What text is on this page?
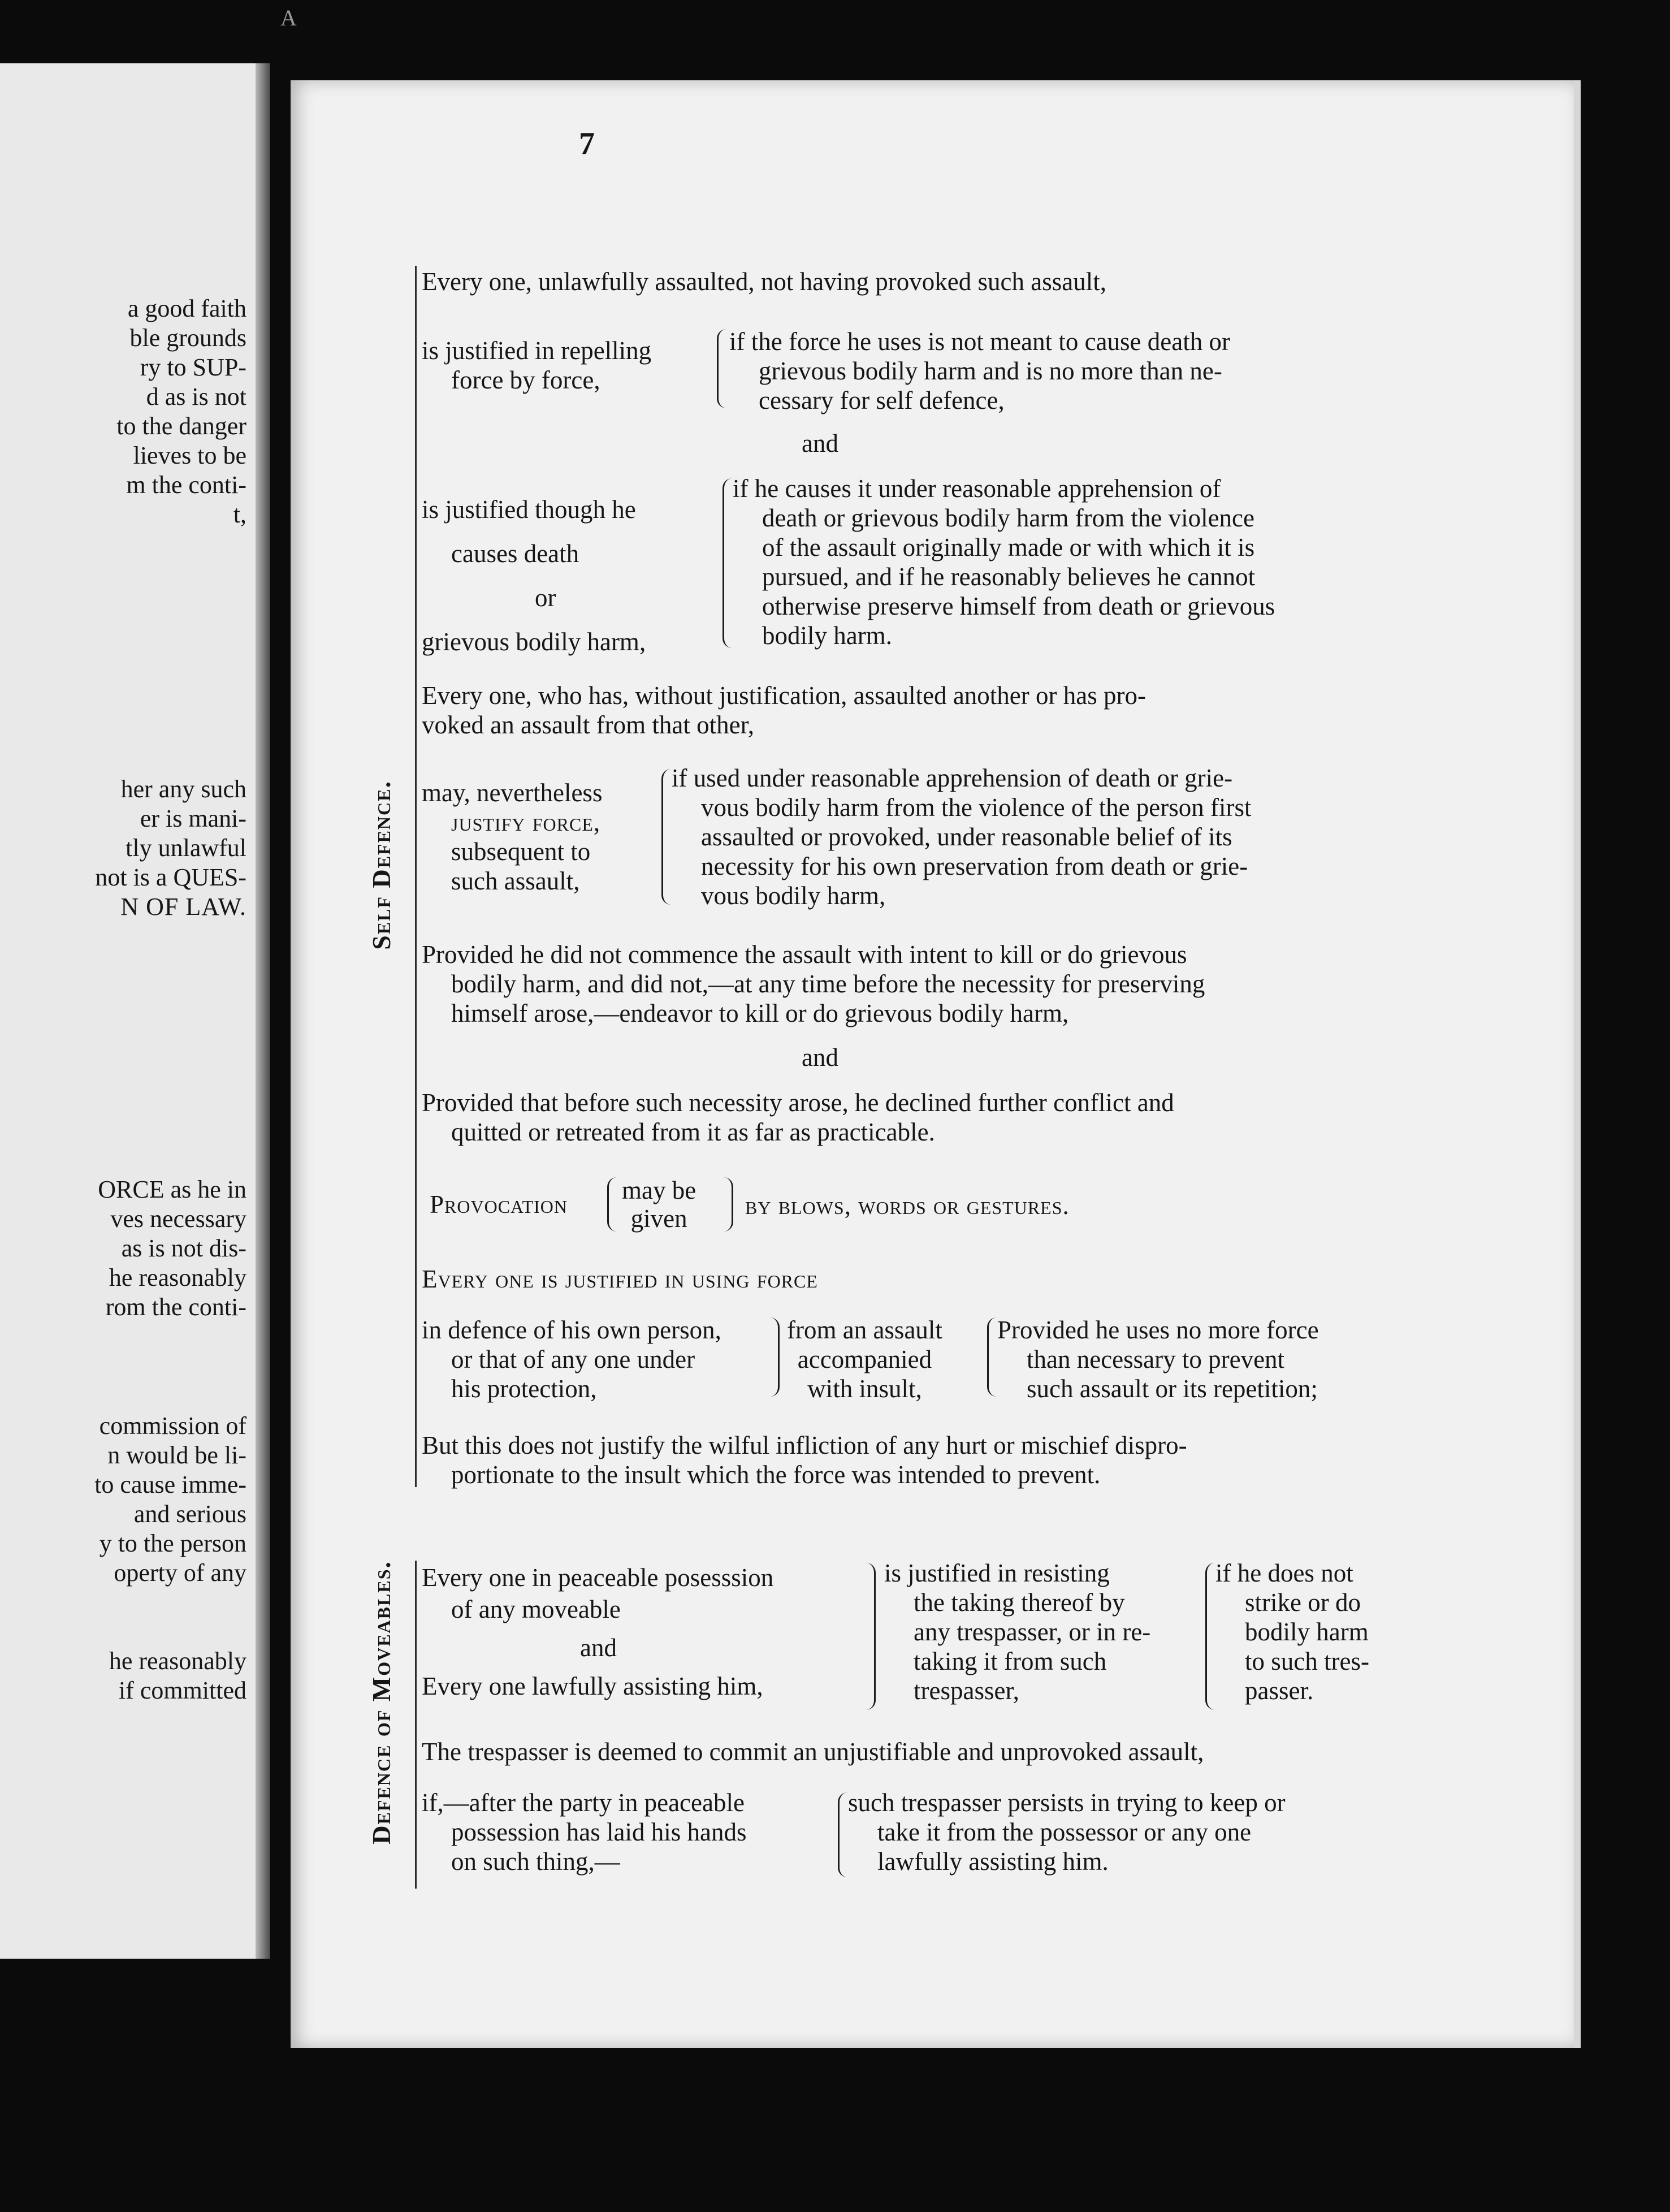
A
a good faith
ble grounds
ry to SUP-
d as is not
to the danger
lieves to be
m the conti-
t,
her any such
er is mani-
tly unlawful
not is a QUES-
N OF LAW.
ORCE as he in
ves necessary
as is not dis-
he reasonably
rom the conti-
commission of
n would be li-
to cause imme-
and serious
y to the person
operty of any
he reasonably
if committed
7
Self Defence.
Defence of Moveables.
Every one, unlawfully assaulted, not having provoked such assault,
is justified in repelling
force by force,
if the force he uses is not meant to cause death or
grievous bodily harm and is no more than ne-
cessary for self defence,
and
is justified though he
causes death
or
grievous bodily harm,
if he causes it under reasonable apprehension of
death or grievous bodily harm from the violence
of the assault originally made or with which it is
pursued, and if he reasonably believes he cannot
otherwise preserve himself from death or grievous
bodily harm.
Every one, who has, without justification, assaulted another or has pro-
voked an assault from that other,
may, nevertheless
justify force,
subsequent to
such assault,
if used under reasonable apprehension of death or grie-
vous bodily harm from the violence of the person first
assaulted or provoked, under reasonable belief of its
necessity for his own preservation from death or grie-
vous bodily harm,
Provided he did not commence the assault with intent to kill or do grievous
bodily harm, and did not,—at any time before the necessity for preserving
himself arose,—endeavor to kill or do grievous bodily harm,
and
Provided that before such necessity arose, he declined further conflict and
quitted or retreated from it as far as practicable.
Provocation may be
given	by blows, words or gestures.
Every one is justified in using force
in defence of his own person,
or that of any one under
his protection,
from an assault
accompanied
with insult,
Provided he uses no more force
than necessary to prevent
such assault or its repetition;
But this does not justify the wilful infliction of any hurt or mischief dispro-
portionate to the insult which the force was intended to prevent.
Every one in peaceable posesssion
of any moveable
and
Every one lawfully assisting him,
is justified in resisting
the taking thereof by
any trespasser, or in re-
taking it from such
trespasser,
if he does not
strike or do
bodily harm
to such tres-
passer.
The trespasser is deemed to commit an unjustifiable and unprovoked assault,
if,—after the party in peaceable
possession has laid his hands
on such thing,—
such trespasser persists in trying to keep or
take it from the possessor or any one
lawfully assisting him.
